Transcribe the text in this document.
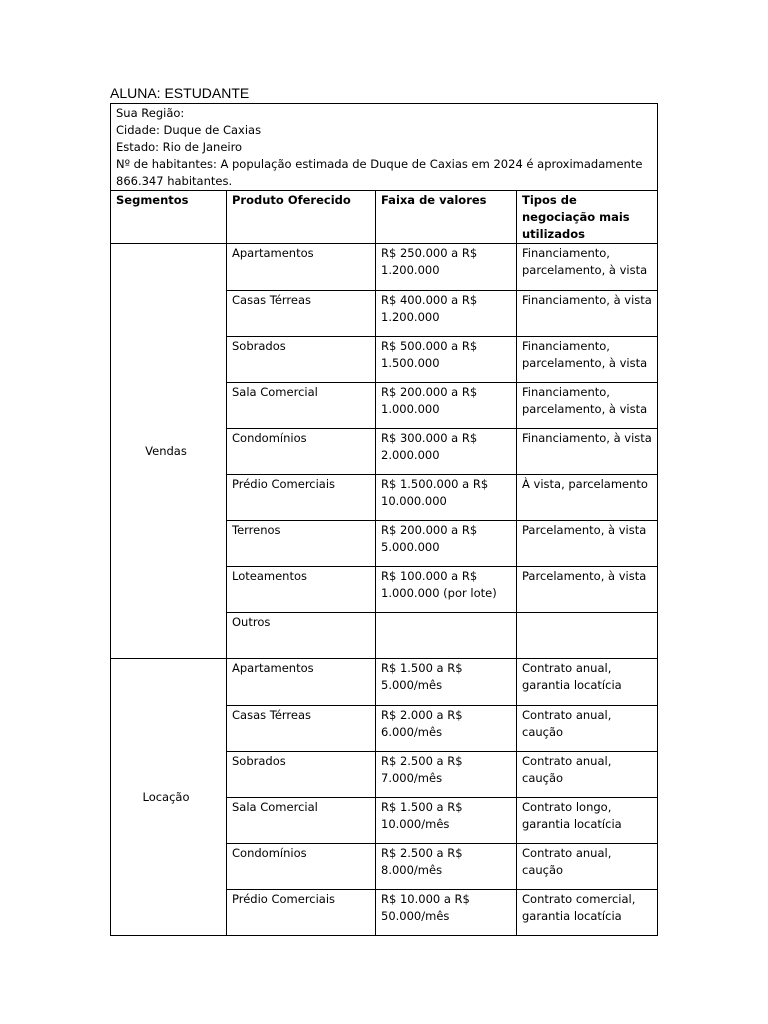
ALUNA: ESTUDANTE
Sua Região:
Cidade: Duque de Caxias
Estado: Rio de Janeiro
Nº de habitantes: A população estimada de Duque de Caxias em 2024 é aproximadamente 866.347 habitantes.			

Segmentos	Produto Oferecido	Faixa de valores	Tipos de negociação mais utilizados
Vendas	Apartamentos	R$ 250.000 a R$ 1.200.000	Financiamento, parcelamento, à vista
	Casas Térreas	R$ 400.000 a R$ 1.200.000	Financiamento, à vista
	Sobrados	R$ 500.000 a R$ 1.500.000	Financiamento, parcelamento, à vista
	Sala Comercial	R$ 200.000 a R$ 1.000.000	Financiamento, parcelamento, à vista
	Condomínios	R$ 300.000 a R$ 2.000.000	Financiamento, à vista
	Prédio Comerciais	R$ 1.500.000 a R$ 10.000.000	À vista, parcelamento
	Terrenos	R$ 200.000 a R$ 5.000.000	Parcelamento, à vista
	Loteamentos	R$ 100.000 a R$ 1.000.000 (por lote)	Parcelamento, à vista
	Outros		
Locação	Apartamentos	R$ 1.500 a R$ 5.000/mês	Contrato anual, garantia locatícia
	Casas Térreas	R$ 2.000 a R$ 6.000/mês	Contrato anual, caução
	Sobrados	R$ 2.500 a R$ 7.000/mês	Contrato anual, caução
	Sala Comercial	R$ 1.500 a R$ 10.000/mês	Contrato longo, garantia locatícia
	Condomínios	R$ 2.500 a R$ 8.000/mês	Contrato anual, caução
	Prédio Comerciais	R$ 10.000 a R$ 50.000/mês	Contrato comercial, garantia locatícia
